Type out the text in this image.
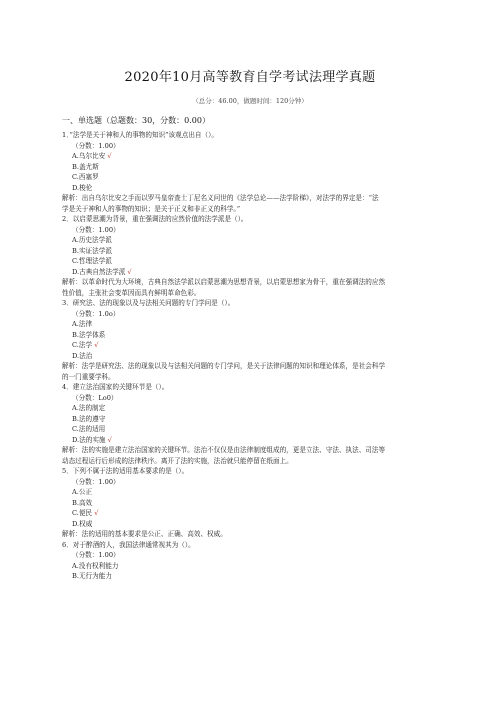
2020年10月高等教育自学考试法理学真题
（总分：46.00，做题时间：120分钟）
一、单选题（总题数：30，分数：0.00）
1．”法学是关于神和人的事物的知识”该观点出自（）。
（分数：1.00）
A.乌尔比安 √
B.盖尤斯
C.西塞罗
D.梭伦
解析：出自乌尔比安之手而以罗马皇帝查士丁尼名义问世的《法学总论——法学阶梯》，对法学的界定是：“法
学是关于神和人的事物的知识；是关于正义和非正义的科学。”
2．以启蒙思潮为背景，重在强调法的应然价值的法学派是（）。
（分数：1.00）
A.历史法学派
B.实证法学派
C.哲理法学派
D.古典自然法学派 √
解析：以革命时代为大环境，古典自然法学派以启蒙思潮为思想背景，以启蒙思想家为骨干，重在强调法的应然
性价值，主张社会变革因而具有鲜明革命色彩。
3．研究法、法的现象以及与法相关问题的专门学问是（）。
（分数：1.0o）
A.法律
B.法学体系
C.法学 √
D.法治
解析：法学是研究法、法的现象以及与法相关问题的专门学问，是关于法律问题的知识和理论体系，是社会科学
的一门重要学科。
4．建立法治国家的关键环节是（）。
（分数：Lo0）
A.法的制定
B.法的遵守
C.法的适用
D.法的实施 √
解析：法的实施是建立法治国家的关键环节。法治不仅仅是由法律制度组成的，更是立法、守法、执法、司法等
动态过程运行后形成的法律秩序。离开了法的实施，法治就只能停留在纸面上。
5．下列不属于法的适用基本要求的是（）。
（分数：1.00）
A.公正
B.高效
C.便民 √
D.权威
解析：法的适用的基本要求是公正、正确、高效、权威。
6．对于醉酒的人，我国法律通常视其为（）。
（分数：1.00）
A.没有权利能力
B.无行为能力
